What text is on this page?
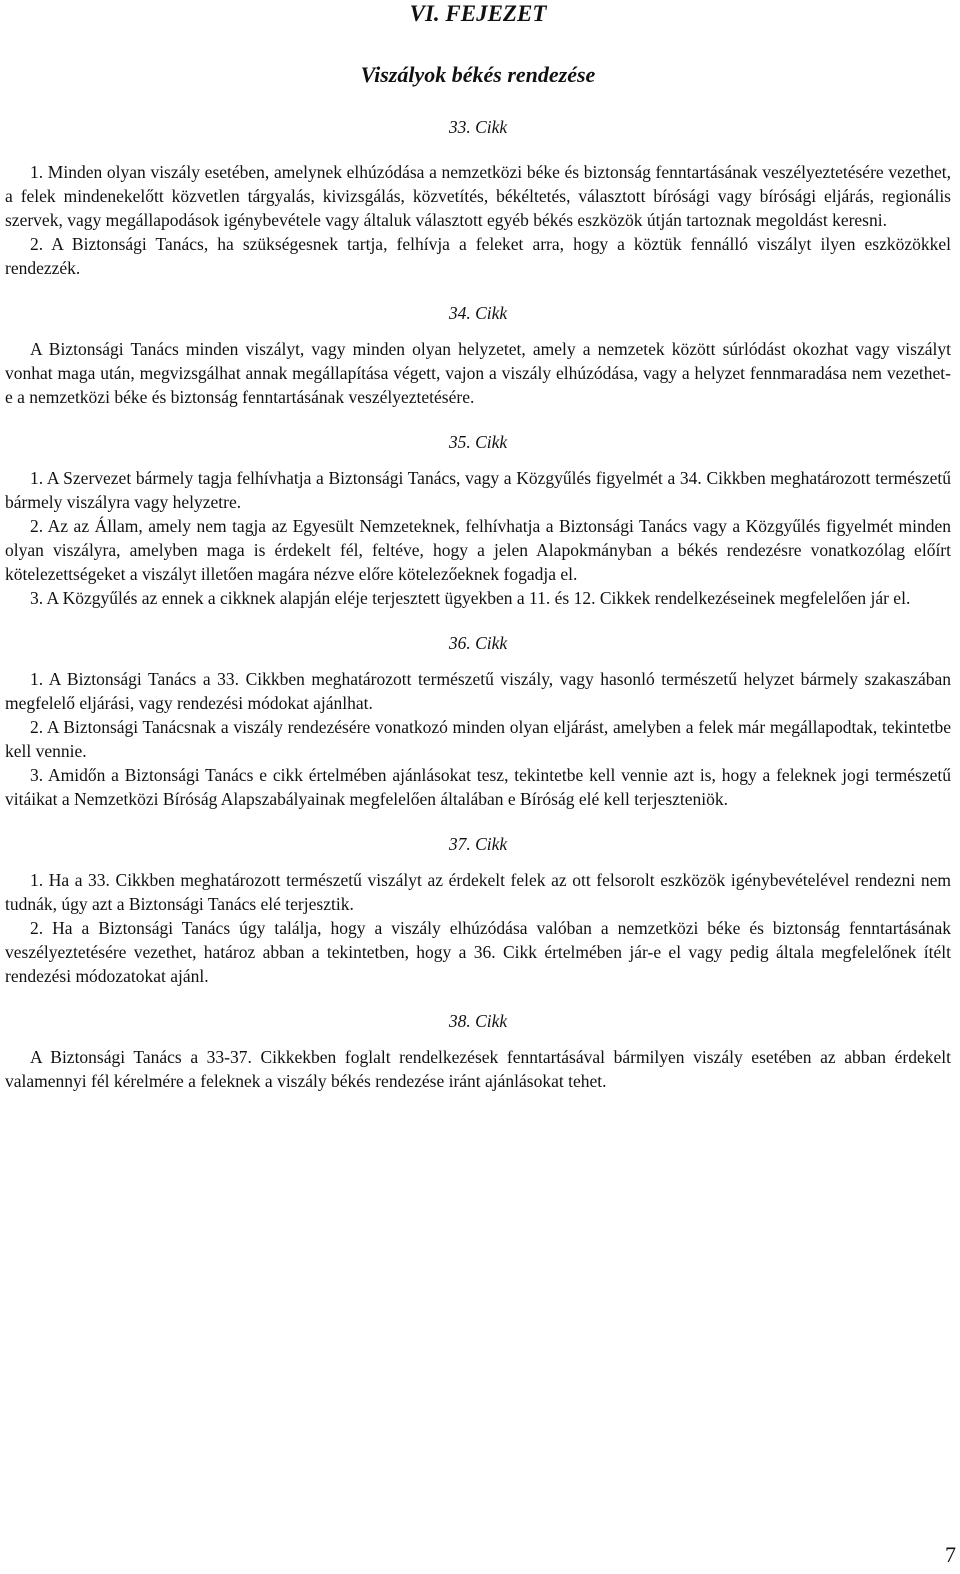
VI. FEJEZET
Viszályok békés rendezése

33. Cikk

1. Minden olyan viszály esetében, amelynek elhúzódása a nemzetközi béke és biztonság fenntartásának veszélyeztetésére vezethet, a felek mindenekelőtt közvetlen tárgyalás, kivizsgálás, közvetítés, békéltetés, választott bírósági vagy bírósági eljárás, regionális szervek, vagy megállapodások igénybevétele vagy általuk választott egyéb békés eszközök útján tartoznak megoldást keresni.

2. A Biztonsági Tanács, ha szükségesnek tartja, felhívja a feleket arra, hogy a köztük fennálló viszályt ilyen eszközökkel rendezzék.

34. Cikk

A Biztonsági Tanács minden viszályt, vagy minden olyan helyzetet, amely a nemzetek között súrlódást okozhat vagy viszályt vonhat maga után, megvizsgálhat annak megállapítása végett, vajon a viszály elhúzódása, vagy a helyzet fennmaradása nem vezethet-e a nemzetközi béke és biztonság fenntartásának veszélyeztetésére.

35. Cikk

1. A Szervezet bármely tagja felhívhatja a Biztonsági Tanács, vagy a Közgyűlés figyelmét a 34. Cikkben meghatározott természetű bármely viszályra vagy helyzetre.

2. Az az Állam, amely nem tagja az Egyesült Nemzeteknek, felhívhatja a Biztonsági Tanács vagy a Közgyűlés figyelmét minden olyan viszályra, amelyben maga is érdekelt fél, feltéve, hogy a jelen Alapokmányban a békés rendezésre vonatkozólag előírt kötelezettségeket a viszályt illetően magára nézve előre kötelezőeknek fogadja el.

3. A Közgyűlés az ennek a cikknek alapján eléje terjesztett ügyekben a 11. és 12. Cikkek rendelkezéseinek megfelelően jár el.

36. Cikk

1. A Biztonsági Tanács a 33. Cikkben meghatározott természetű viszály, vagy hasonló természetű helyzet bármely szakaszában megfelelő eljárási, vagy rendezési módokat ajánlhat.

2. A Biztonsági Tanácsnak a viszály rendezésére vonatkozó minden olyan eljárást, amelyben a felek már megállapodtak, tekintetbe kell vennie.

3. Amidőn a Biztonsági Tanács e cikk értelmében ajánlásokat tesz, tekintetbe kell vennie azt is, hogy a feleknek jogi természetű vitáikat a Nemzetközi Bíróság Alapszabályainak megfelelően általában e Bíróság elé kell terjeszteniök.

37. Cikk

1. Ha a 33. Cikkben meghatározott természetű viszályt az érdekelt felek az ott felsorolt eszközök igénybevételével rendezni nem tudnák, úgy azt a Biztonsági Tanács elé terjesztik.

2. Ha a Biztonsági Tanács úgy találja, hogy a viszály elhúzódása valóban a nemzetközi béke és biztonság fenntartásának veszélyeztetésére vezethet, határoz abban a tekintetben, hogy a 36. Cikk értelmében jár-e el vagy pedig általa megfelelőnek ítélt rendezési módozatokat ajánl.

38. Cikk

A Biztonsági Tanács a 33-37. Cikkekben foglalt rendelkezések fenntartásával bármilyen viszály esetében az abban érdekelt valamennyi fél kérelmére a feleknek a viszály békés rendezése iránt ajánlásokat tehet.

7
